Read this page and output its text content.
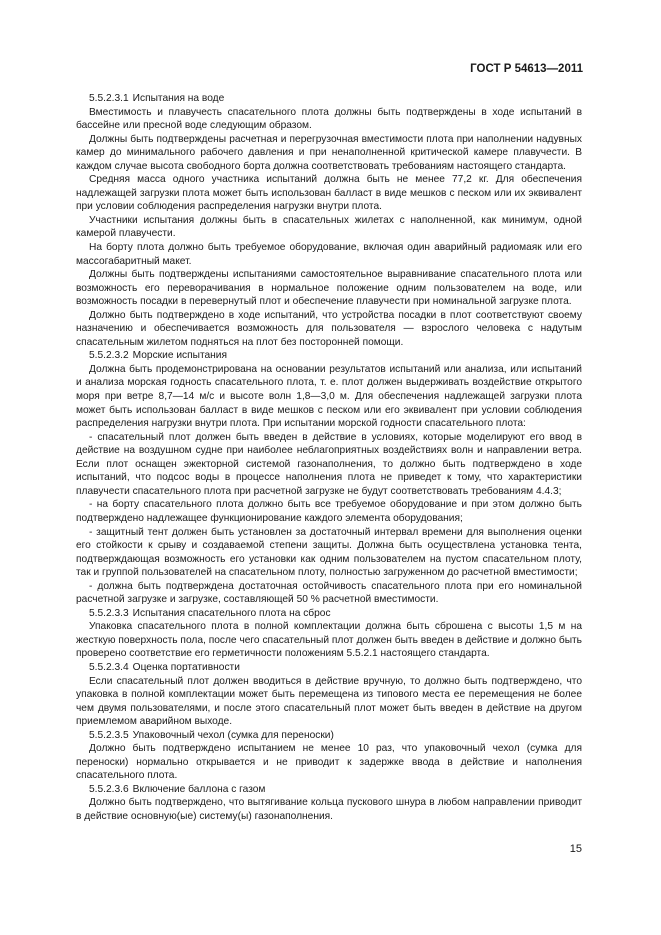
ГОСТ Р 54613—2011

5.5.2.3.1 Испытания на воде

Вместимость и плавучесть спасательного плота должны быть подтверждены в ходе испытаний в бассейне или пресной воде следующим образом.

Должны быть подтверждены расчетная и перегрузочная вместимости плота при наполнении надувных камер до минимального рабочего давления и при ненаполненной критической камере плавучести. В каждом случае высота свободного борта должна соответствовать требованиям настоящего стандарта.

Средняя масса одного участника испытаний должна быть не менее 77,2 кг. Для обеспечения надлежащей загрузки плота может быть использован балласт в виде мешков с песком или их эквивалент при условии соблюдения распределения нагрузки внутри плота.

Участники испытания должны быть в спасательных жилетах с наполненной, как минимум, одной камерой плавучести.

На борту плота должно быть требуемое оборудование, включая один аварийный радиомаяк или его массогабаритный макет.

Должны быть подтверждены испытаниями самостоятельное выравнивание спасательного плота или возможность его переворачивания в нормальное положение одним пользователем на воде, или возможность посадки в перевернутый плот и обеспечение плавучести при номинальной загрузке плота.

Должно быть подтверждено в ходе испытаний, что устройства посадки в плот соответствуют своему назначению и обеспечивается возможность для пользователя — взрослого человека с надутым спасательным жилетом подняться на плот без посторонней помощи.

5.5.2.3.2 Морские испытания

Должна быть продемонстрирована на основании результатов испытаний или анализа, или испытаний и анализа морская годность спасательного плота, т. е. плот должен выдерживать воздействие открытого моря при ветре 8,7—14 м/с и высоте волн 1,8—3,0 м. Для обеспечения надлежащей загрузки плота может быть использован балласт в виде мешков с песком или его эквивалент при условии соблюдения распределения нагрузки внутри плота. При испытании морской годности спасательного плота:

- спасательный плот должен быть введен в действие в условиях, которые моделируют его ввод в действие на воздушном судне при наиболее неблагоприятных воздействиях волн и направлении ветра. Если плот оснащен эжекторной системой газонаполнения, то должно быть подтверждено в ходе испытаний, что подсос воды в процессе наполнения плота не приведет к тому, что характеристики плавучести спасательного плота при расчетной загрузке не будут соответствовать требованиям 4.4.3;

- на борту спасательного плота должно быть все требуемое оборудование и при этом должно быть подтверждено надлежащее функционирование каждого элемента оборудования;

- защитный тент должен быть установлен за достаточный интервал времени для выполнения оценки его стойкости к срыву и создаваемой степени защиты. Должна быть осуществлена установка тента, подтверждающая возможность его установки как одним пользователем на пустом спасательном плоту, так и группой пользователей на спасательном плоту, полностью загруженном до расчетной вместимости;

- должна быть подтверждена достаточная остойчивость спасательного плота при его номинальной расчетной загрузке и загрузке, составляющей 50 % расчетной вместимости.

5.5.2.3.3 Испытания спасательного плота на сброс

Упаковка спасательного плота в полной комплектации должна быть сброшена с высоты 1,5 м на жесткую поверхность пола, после чего спасательный плот должен быть введен в действие и должно быть проверено соответствие его герметичности положениям 5.5.2.1 настоящего стандарта.

5.5.2.3.4 Оценка портативности

Если спасательный плот должен вводиться в действие вручную, то должно быть подтверждено, что упаковка в полной комплектации может быть перемещена из типового места ее перемещения не более чем двумя пользователями, и после этого спасательный плот может быть введен в действие на другом приемлемом аварийном выходе.

5.5.2.3.5 Упаковочный чехол (сумка для переноски)

Должно быть подтверждено испытанием не менее 10 раз, что упаковочный чехол (сумка для переноски) нормально открывается и не приводит к задержке ввода в действие и наполнения спасательного плота.

5.5.2.3.6 Включение баллона с газом

Должно быть подтверждено, что вытягивание кольца пускового шнура в любом направлении приводит в действие основную(ые) систему(ы) газонаполнения.

15
